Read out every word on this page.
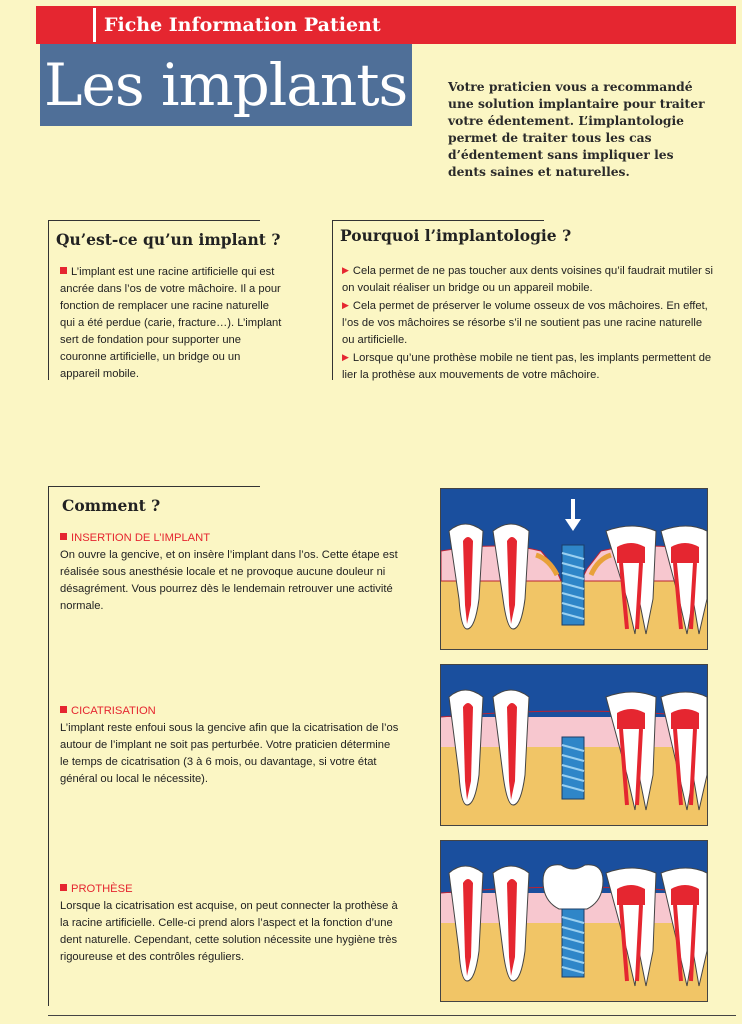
Fiche Information Patient
Les implants	Votre praticien vous a recommandé une solution implantaire pour traiter votre édentement. L’implantologie permet de traiter tous les cas d’édentement sans impliquer les dents saines et naturelles.
Qu’est-ce qu’un implant ?
L’implant est une racine artificielle qui est ancrée dans l’os de votre mâchoire. Il a pour fonction de remplacer une racine naturelle qui a été perdue (carie, fracture…). L’implant sert de fondation pour supporter une couronne artificielle, un bridge ou un appareil mobile.
Pourquoi l’implantologie ?

▶ Cela permet de ne pas toucher aux dents voisines qu’il faudrait mutiler si on voulait réaliser un bridge ou un appareil mobile.

▶ Cela permet de préserver le volume osseux de vos mâchoires. En effet, l’os de vos mâchoires se résorbe s’il ne soutient pas une racine naturelle ou artificielle.

▶ Lorsque qu’une prothèse mobile ne tient pas, les implants permettent de lier la prothèse aux mouvements de votre mâchoire.

Comment ?
INSERTION DE L’IMPLANT
On ouvre la gencive, et on insère l’implant dans l’os. Cette étape est réalisée sous anesthésie locale et ne provoque aucune douleur ni désagrément. Vous pourrez dès le lendemain retrouver une activité normale.
CICATRISATION
L’implant reste enfoui sous la gencive afin que la cicatrisation de l’os autour de l’implant ne soit pas perturbée. Votre praticien détermine le temps de cicatrisation (3 à 6 mois, ou davantage, si votre état général ou local le nécessite).
PROTHÈSE
Lorsque la cicatrisation est acquise, on peut connecter la prothèse à la racine artificielle. Celle-ci prend alors l’aspect et la fonction d’une dent naturelle. Cependant, cette solution nécessite une hygiène très rigoureuse et des contrôles réguliers.
